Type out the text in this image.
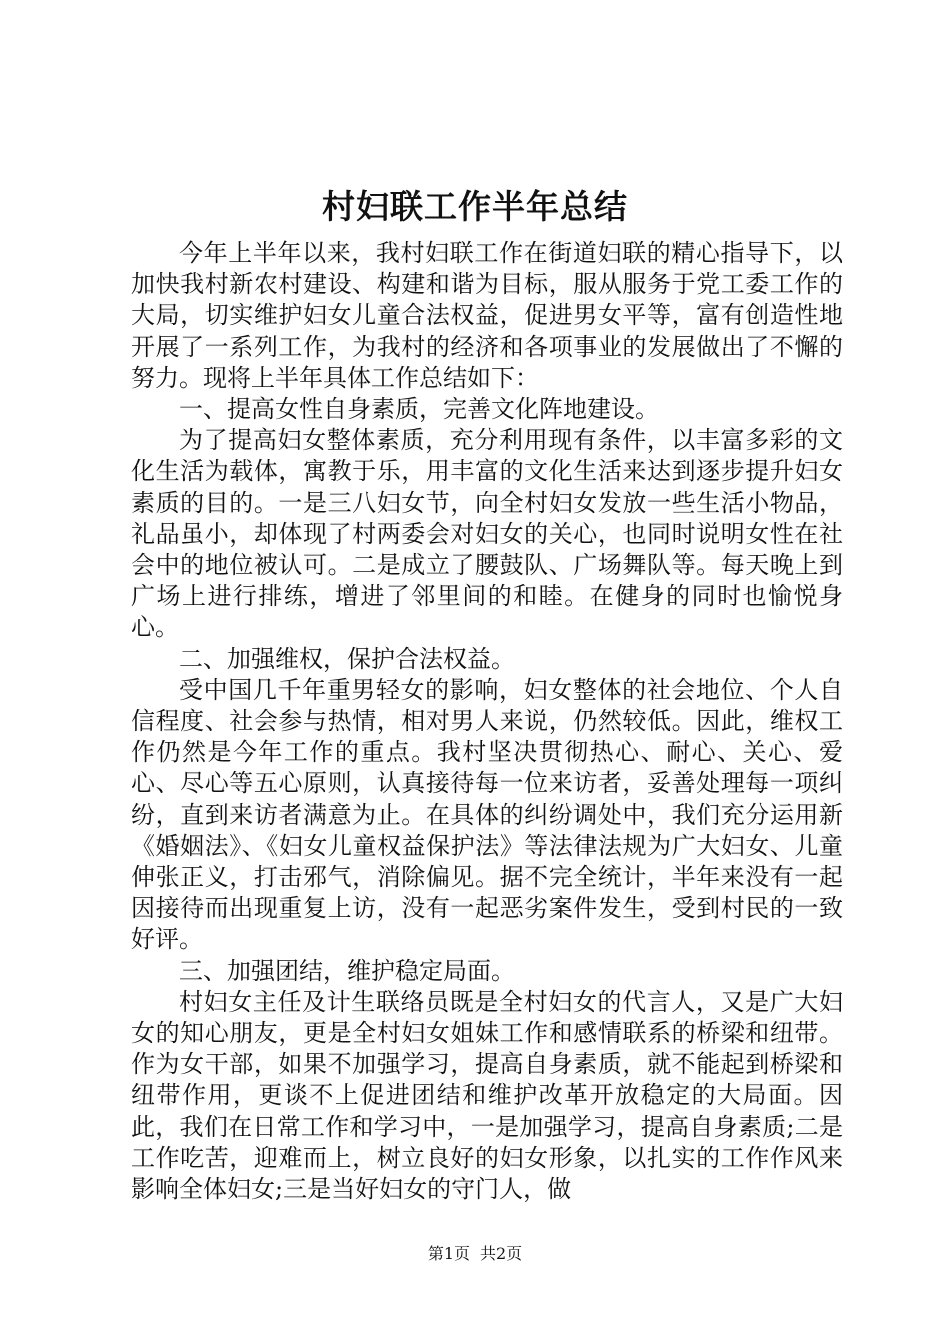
村妇联工作半年总结

今年上半年以来，我村妇联工作在街道妇联的精心指导下，以加快我村新农村建设、构建和谐为目标，服从服务于党工委工作的大局，切实维护妇女儿童合法权益，促进男女平等，富有创造性地开展了一系列工作，为我村的经济和各项事业的发展做出了不懈的努力。现将上半年具体工作总结如下：

一、提高女性自身素质，完善文化阵地建设。

为了提高妇女整体素质，充分利用现有条件，以丰富多彩的文化生活为载体，寓教于乐，用丰富的文化生活来达到逐步提升妇女素质的目的。一是三八妇女节，向全村妇女发放一些生活小物品，礼品虽小，却体现了村两委会对妇女的关心，也同时说明女性在社会中的地位被认可。二是成立了腰鼓队、广场舞队等。每天晚上到广场上进行排练，增进了邻里间的和睦。在健身的同时也愉悦身心。

二、加强维权，保护合法权益。

受中国几千年重男轻女的影响，妇女整体的社会地位、个人自信程度、社会参与热情，相对男人来说，仍然较低。因此，维权工作仍然是今年工作的重点。我村坚决贯彻热心、耐心、关心、爱心、尽心等五心原则，认真接待每一位来访者，妥善处理每一项纠纷，直到来访者满意为止。在具体的纠纷调处中，我们充分运用新《婚姻法》、《妇女儿童权益保护法》等法律法规为广大妇女、儿童伸张正义，打击邪气，消除偏见。据不完全统计，半年来没有一起因接待而出现重复上访，没有一起恶劣案件发生，受到村民的一致好评。

三、加强团结，维护稳定局面。

村妇女主任及计生联络员既是全村妇女的代言人，又是广大妇女的知心朋友，更是全村妇女姐妹工作和感情联系的桥梁和纽带。作为女干部，如果不加强学习，提高自身素质，就不能起到桥梁和纽带作用，更谈不上促进团结和维护改革开放稳定的大局面。因此，我们在日常工作和学习中，一是加强学习，提高自身素质;二是工作吃苦，迎难而上，树立良好的妇女形象，以扎实的工作作风来影响全体妇女;三是当好妇女的守门人，做

第1页 共2页
